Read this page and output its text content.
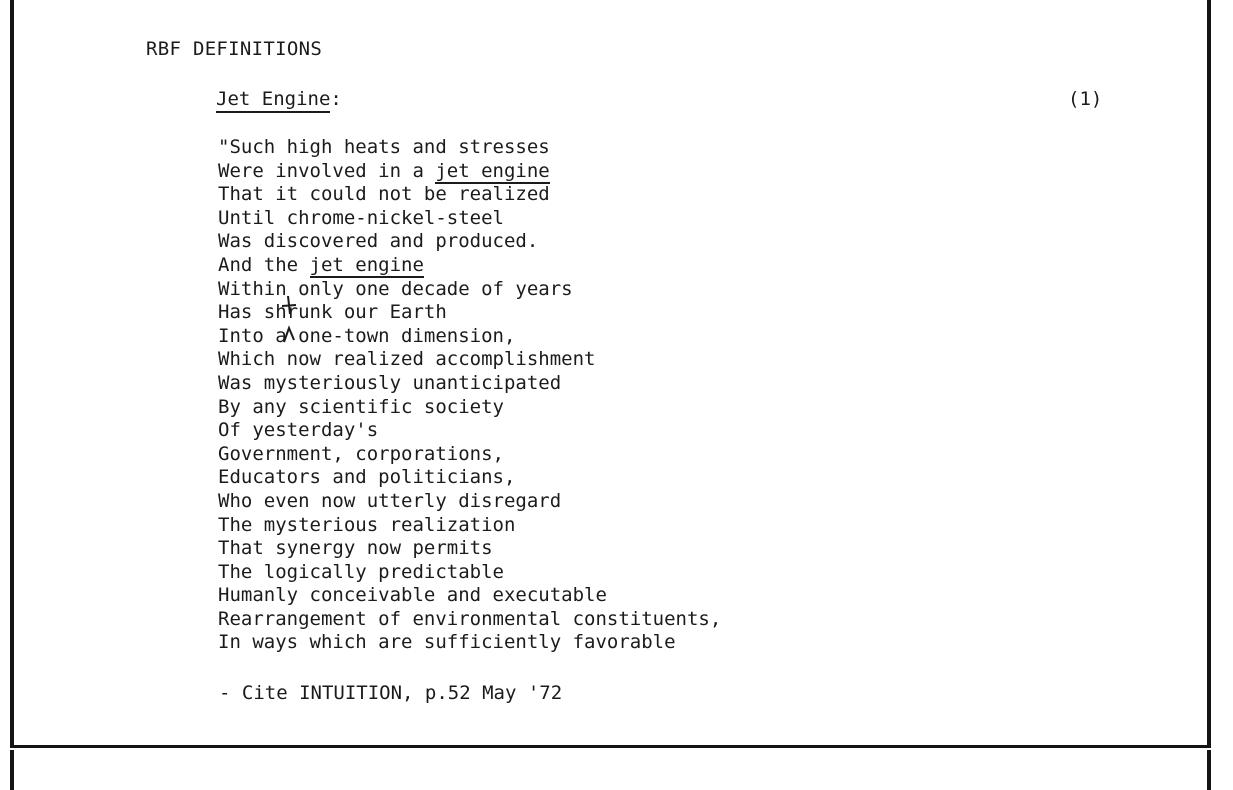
RBF DEFINITIONS
Jet Engine:	(1)
"Such high heats and stresses
Were involved in a jet engine
That it could not be realized
Until chrome-nickel-steel
Was discovered and produced.
And the jet engine
Within only one decade of years
Has shrunk our Earth
Into a one-town dimension,
Which now realized accomplishment
Was mysteriously unanticipated
By any scientific society
Of yesterday's
Government, corporations,
Educators and politicians,
Who even now utterly disregard
The mysterious realization
That synergy now permits
The logically predictable
Humanly conceivable and executable
Rearrangement of environmental constituents,
In ways which are sufficiently favorable
- Cite INTUITION, p.52 May '72
